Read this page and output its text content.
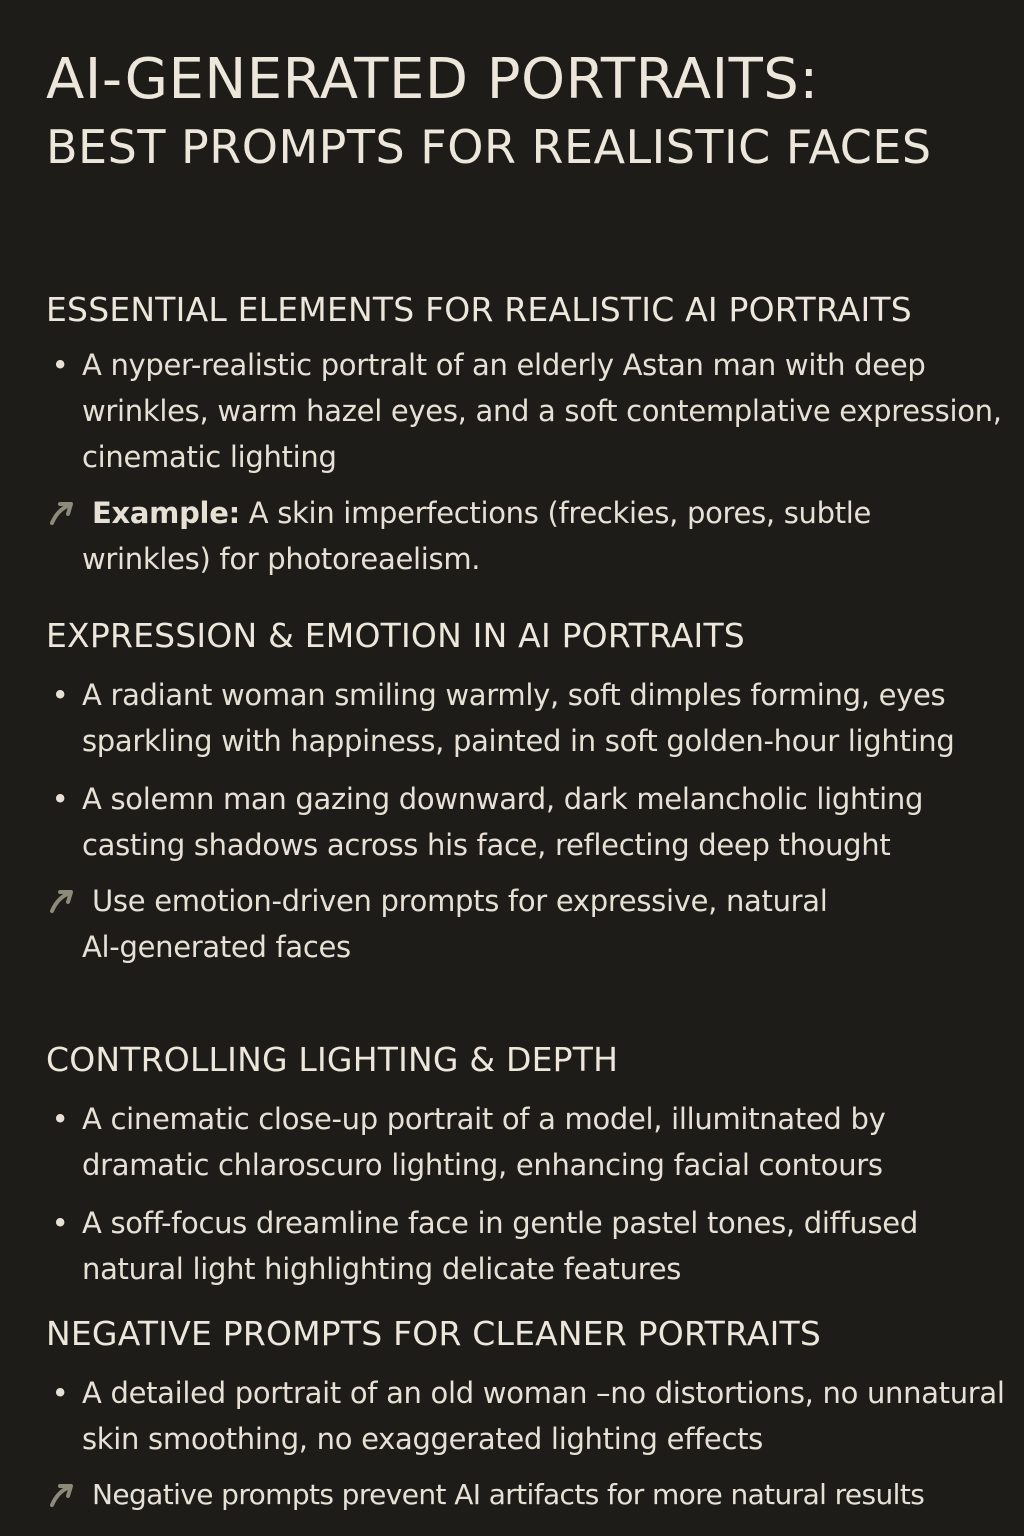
AI-GENERATED PORTRAITS:
BEST PROMPTS FOR REALISTIC FACES
ESSENTIAL ELEMENTS FOR REALISTIC AI PORTRAITS
• A nyper-realistic portralt of an elderly Astan man with deep wrinkles, warm hazel eyes, and a soft contemplative expression, cinematic lighting
Example: A skin imperfections (freckies, pores, subtle
wrinkles) for photoreaelism.
EXPRESSION & EMOTION IN AI PORTRAITS
• A radiant woman smiling warmly, soft dimples forming, eyes sparkling with happiness, painted in soft golden-hour lighting
• A solemn man gazing downward, dark melancholic lighting casting shadows across his face, reflecting deep thought
Use emotion-driven prompts for expressive, natural
Al-generated faces
CONTROLLING LIGHTING & DEPTH
• A cinematic close-up portrait of a model, illumitnated by dramatic chlaroscuro lighting, enhancing facial contours
• A soff-focus dreamline face in gentle pastel tones, diffused natural light highlighting delicate features
NEGATIVE PROMPTS FOR CLEANER PORTRAITS
• A detailed portrait of an old woman –no distortions, no unnatural skin smoothing, no exaggerated lighting effects
Negative prompts prevent AI artifacts for more natural results
